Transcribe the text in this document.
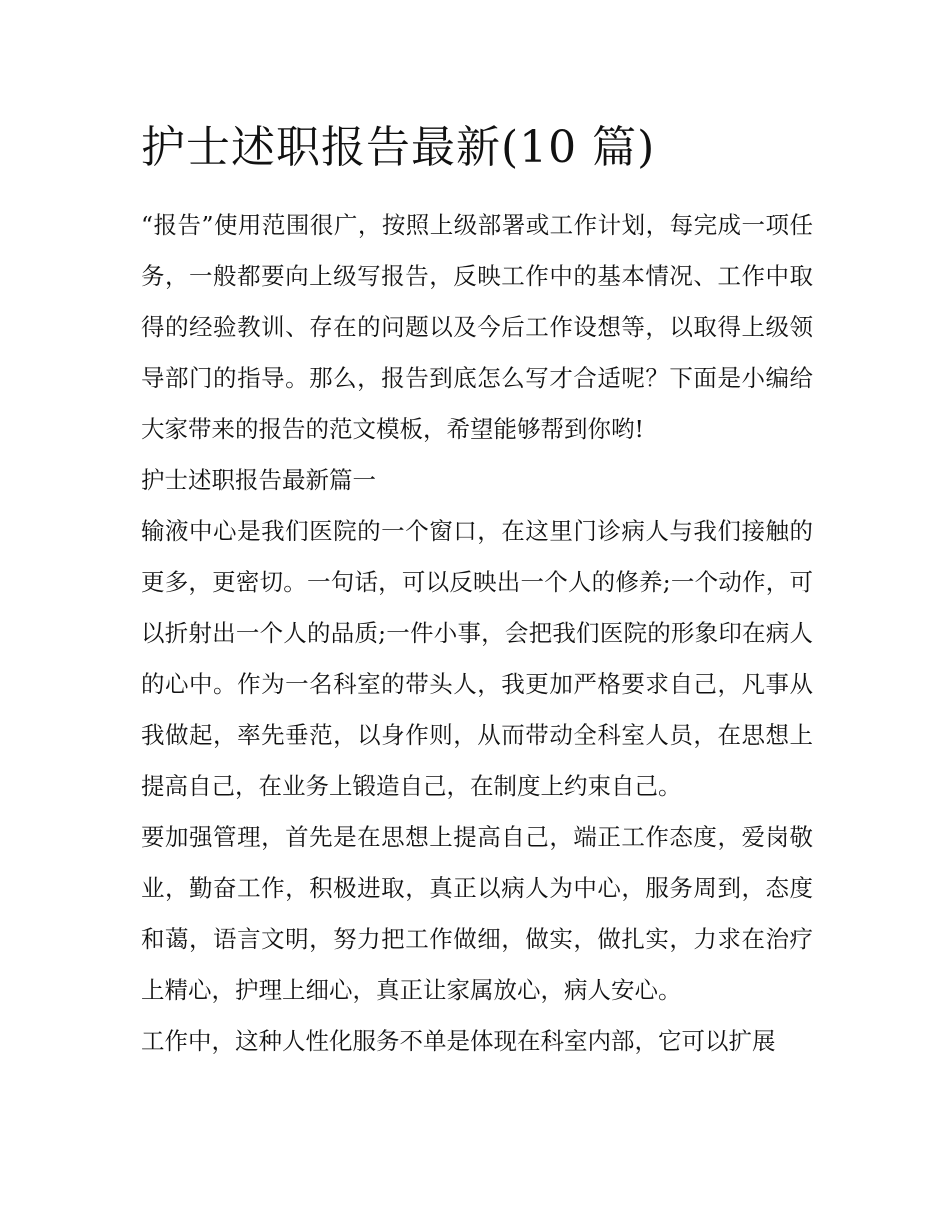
护士述职报告最新(10 篇)

“报告”使用范围很广，按照上级部署或工作计划，每完成一项任务，一般都要向上级写报告，反映工作中的基本情况、工作中取得的经验教训、存在的问题以及今后工作设想等，以取得上级领导部门的指导。那么，报告到底怎么写才合适呢？下面是小编给大家带来的报告的范文模板，希望能够帮到你哟!

护士述职报告最新篇一

输液中心是我们医院的一个窗口，在这里门诊病人与我们接触的更多，更密切。一句话，可以反映出一个人的修养;一个动作，可以折射出一个人的品质;一件小事，会把我们医院的形象印在病人的心中。作为一名科室的带头人，我更加严格要求自己，凡事从我做起，率先垂范，以身作则，从而带动全科室人员，在思想上提高自己，在业务上锻造自己，在制度上约束自己。

要加强管理，首先是在思想上提高自己，端正工作态度，爱岗敬业，勤奋工作，积极进取，真正以病人为中心，服务周到，态度和蔼，语言文明，努力把工作做细，做实，做扎实，力求在治疗上精心，护理上细心，真正让家属放心，病人安心。

工作中，这种人性化服务不单是体现在科室内部，它可以扩展
